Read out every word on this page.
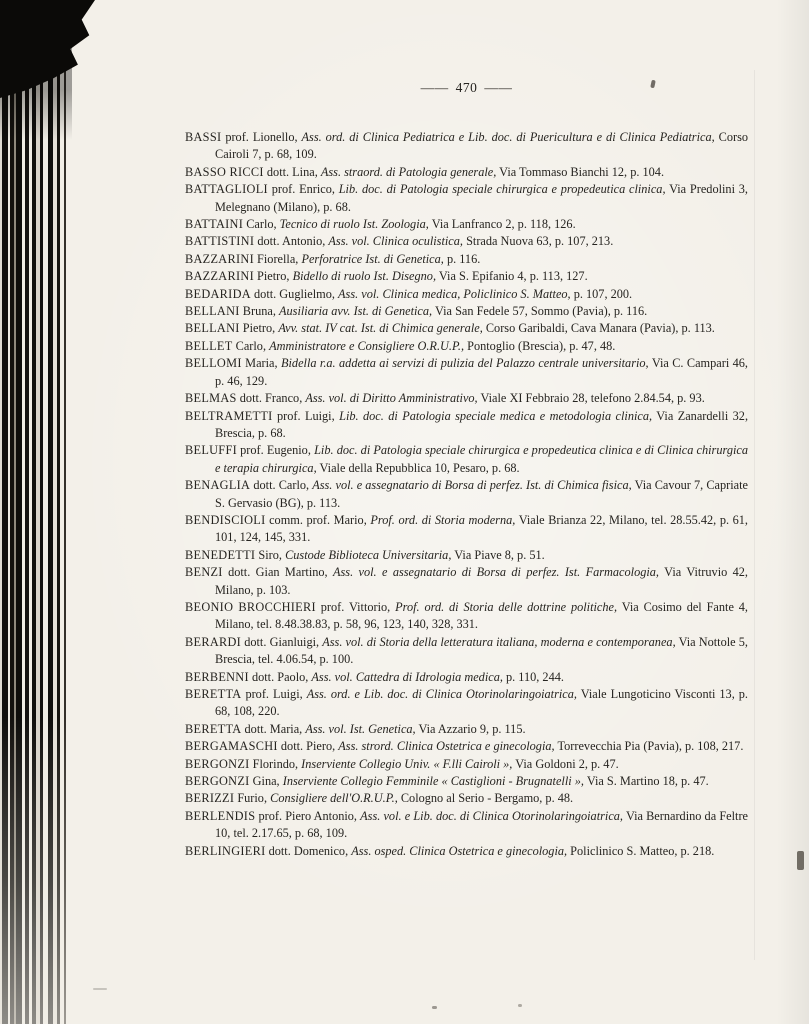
—— 470 ——

BASSI prof. Lionello, Ass. ord. di Clinica Pediatrica e Lib. doc. di Puericultura e di Clinica Pediatrica, Corso Cairoli 7, p. 68, 109.

BASSO RICCI dott. Lina, Ass. straord. di Patologia generale, Via Tommaso Bianchi 12, p. 104.

BATTAGLIOLI prof. Enrico, Lib. doc. di Patologia speciale chirurgica e propedeutica clinica, Via Predolini 3, Melegnano (Milano), p. 68.

BATTAINI Carlo, Tecnico di ruolo Ist. Zoologia, Via Lanfranco 2, p. 118, 126.

BATTISTINI dott. Antonio, Ass. vol. Clinica oculistica, Strada Nuova 63, p. 107, 213.

BAZZARINI Fiorella, Perforatrice Ist. di Genetica, p. 116.

BAZZARINI Pietro, Bidello di ruolo Ist. Disegno, Via S. Epifanio 4, p. 113, 127.

BEDARIDA dott. Guglielmo, Ass. vol. Clinica medica, Policlinico S. Matteo, p. 107, 200.

BELLANI Bruna, Ausiliaria avv. Ist. di Genetica, Via San Fedele 57, Sommo (Pavia), p. 116.

BELLANI Pietro, Avv. stat. IV cat. Ist. di Chimica generale, Corso Garibaldi, Cava Manara (Pavia), p. 113.

BELLET Carlo, Amministratore e Consigliere O.R.U.P., Pontoglio (Brescia), p. 47, 48.

BELLOMI Maria, Bidella r.a. addetta ai servizi di pulizia del Palazzo centrale universitario, Via C. Campari 46, p. 46, 129.

BELMAS dott. Franco, Ass. vol. di Diritto Amministrativo, Viale XI Febbraio 28, telefono 2.84.54, p. 93.

BELTRAMETTI prof. Luigi, Lib. doc. di Patologia speciale medica e metodologia clinica, Via Zanardelli 32, Brescia, p. 68.

BELUFFI prof. Eugenio, Lib. doc. di Patologia speciale chirurgica e propedeutica clinica e di Clinica chirurgica e terapia chirurgica, Viale della Repubblica 10, Pesaro, p. 68.

BENAGLIA dott. Carlo, Ass. vol. e assegnatario di Borsa di perfez. Ist. di Chimica fisica, Via Cavour 7, Capriate S. Gervasio (BG), p. 113.

BENDISCIOLI comm. prof. Mario, Prof. ord. di Storia moderna, Viale Brianza 22, Milano, tel. 28.55.42, p. 61, 101, 124, 145, 331.

BENEDETTI Siro, Custode Biblioteca Universitaria, Via Piave 8, p. 51.

BENZI dott. Gian Martino, Ass. vol. e assegnatario di Borsa di perfez. Ist. Farmacologia, Via Vitruvio 42, Milano, p. 103.

BEONIO BROCCHIERI prof. Vittorio, Prof. ord. di Storia delle dottrine politiche, Via Cosimo del Fante 4, Milano, tel. 8.48.38.83, p. 58, 96, 123, 140, 328, 331.

BERARDI dott. Gianluigi, Ass. vol. di Storia della letteratura italiana, moderna e contemporanea, Via Nottole 5, Brescia, tel. 4.06.54, p. 100.

BERBENNI dott. Paolo, Ass. vol. Cattedra di Idrologia medica, p. 110, 244.

BERETTA prof. Luigi, Ass. ord. e Lib. doc. di Clinica Otorinolaringoiatrica, Viale Lungoticino Visconti 13, p. 68, 108, 220.

BERETTA dott. Maria, Ass. vol. Ist. Genetica, Via Azzario 9, p. 115.

BERGAMASCHI dott. Piero, Ass. strord. Clinica Ostetrica e ginecologia, Torrevecchia Pia (Pavia), p. 108, 217.

BERGONZI Florindo, Inserviente Collegio Univ. « F.lli Cairoli », Via Goldoni 2, p. 47.

BERGONZI Gina, Inserviente Collegio Femminile « Castiglioni - Brugnatelli », Via S. Martino 18, p. 47.

BERIZZI Furio, Consigliere dell'O.R.U.P., Cologno al Serio - Bergamo, p. 48.

BERLENDIS prof. Piero Antonio, Ass. vol. e Lib. doc. di Clinica Otorinolaringoiatrica, Via Bernardino da Feltre 10, tel. 2.17.65, p. 68, 109.

BERLINGIERI dott. Domenico, Ass. osped. Clinica Ostetrica e ginecologia, Policlinico S. Matteo, p. 218.
